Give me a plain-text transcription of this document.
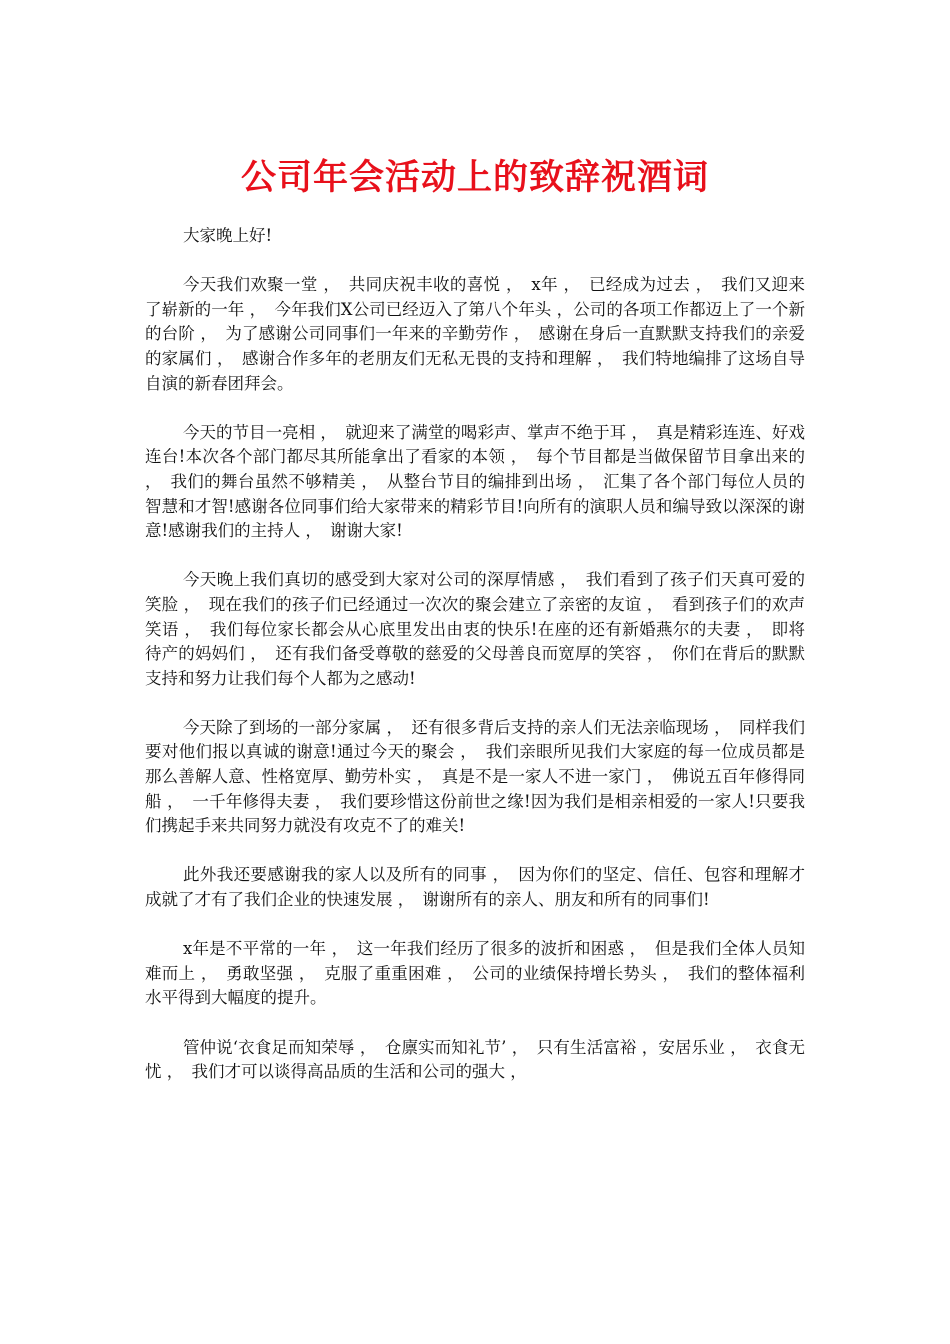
公司年会活动上的致辞祝酒词

大家晚上好!

今天我们欢聚一堂 ，　共同庆祝丰收的喜悦 ，　x年 ，　已经成为过去 ，　我们又迎来了崭新的一年 ，　今年我们X公司已经迈入了第八个年头 ，公司的各项工作都迈上了一个新的台阶 ，　为了感谢公司同事们一年来的辛勤劳作 ，　感谢在身后一直默默支持我们的亲爱的家属们 ，　感谢合作多年的老朋友们无私无畏的支持和理解 ，　我们特地编排了这场自导自演的新春团拜会。

今天的节目一亮相 ，　就迎来了满堂的喝彩声、掌声不绝于耳 ，　真是精彩连连、好戏连台!本次各个部门都尽其所能拿出了看家的本领 ，　每个节目都是当做保留节目拿出来的 ，　我们的舞台虽然不够精美 ，　从整台节目的编排到出场 ，　汇集了各个部门每位人员的智慧和才智!感谢各位同事们给大家带来的精彩节目!向所有的演职人员和编导致以深深的谢意!感谢我们的主持人 ，　谢谢大家!

今天晚上我们真切的感受到大家对公司的深厚情感 ，　我们看到了孩子们天真可爱的笑脸 ，　现在我们的孩子们已经通过一次次的聚会建立了亲密的友谊 ，　看到孩子们的欢声笑语 ，　我们每位家长都会从心底里发出由衷的快乐!在座的还有新婚燕尔的夫妻 ，　即将待产的妈妈们 ，　还有我们备受尊敬的慈爱的父母善良而宽厚的笑容 ，　你们在背后的默默支持和努力让我们每个人都为之感动!

今天除了到场的一部分家属 ，　还有很多背后支持的亲人们无法亲临现场 ，　同样我们要对他们报以真诚的谢意!通过今天的聚会 ，　我们亲眼所见我们大家庭的每一位成员都是那么善解人意、性格宽厚、勤劳朴实 ，　真是不是一家人不进一家门 ，　佛说五百年修得同船 ，　一千年修得夫妻 ，　我们要珍惜这份前世之缘!因为我们是相亲相爱的一家人!只要我们携起手来共同努力就没有攻克不了的难关!

此外我还要感谢我的家人以及所有的同事 ，　因为你们的坚定、信任、包容和理解才成就了才有了我们企业的快速发展 ，　谢谢所有的亲人、朋友和所有的同事们!

x年是不平常的一年 ，　这一年我们经历了很多的波折和困惑 ，　但是我们全体人员知难而上 ，　勇敢坚强 ，　克服了重重困难 ，　公司的业绩保持增长势头 ，　我们的整体福利水平得到大幅度的提升。

管仲说‘衣食足而知荣辱 ，　仓廪实而知礼节’ ，　只有生活富裕 ，安居乐业 ，　衣食无忧 ，　我们才可以谈得高品质的生活和公司的强大 ，
